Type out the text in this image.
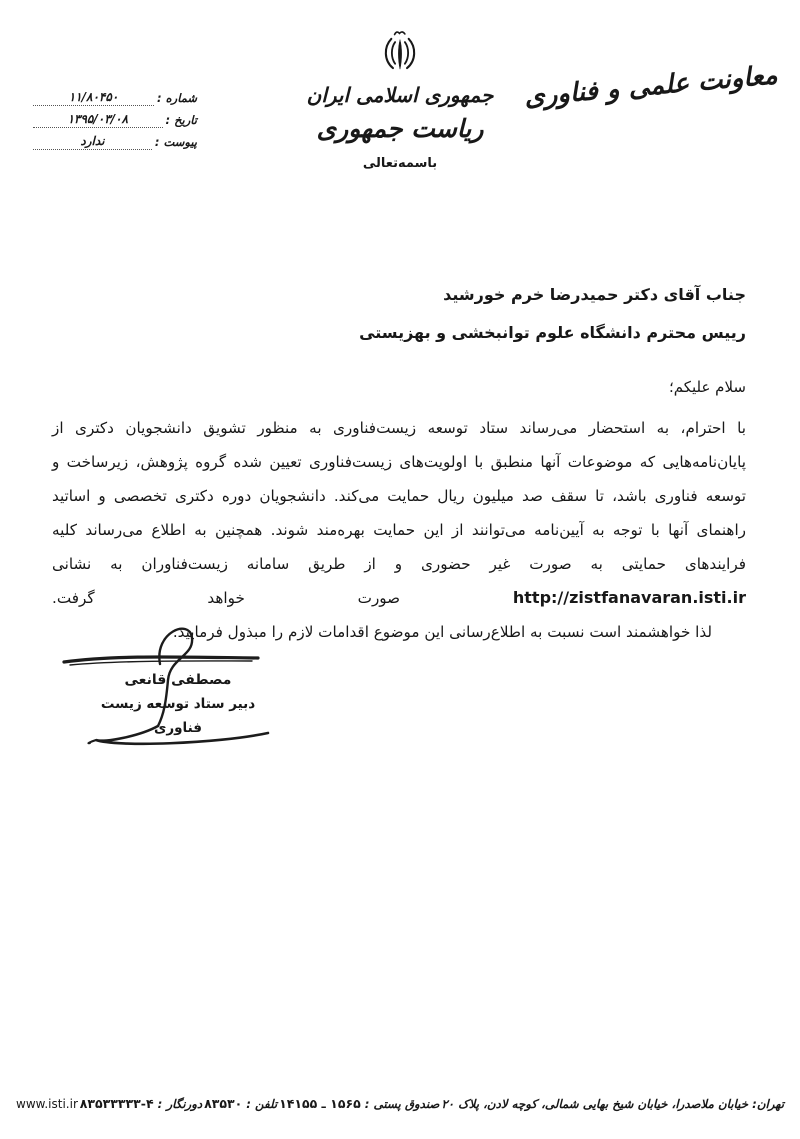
معاونت علمی و فناوری
جمهوری اسلامی ایران
ریاست جمهوری
باسمه‌تعالی
شماره :
۱۱/۸۰۴۵۰
تاریخ :
۱۳۹۵/۰۳/۰۸
پیوست :
ندارد
جناب آقای دکتر حمیدرضا خرم خورشید
رییس محترم دانشگاه علوم توانبخشی و بهزیستی
سلام علیکم؛
با احترام، به استحضار می‌رساند ستاد توسعه زیست‌فناوری به منظور تشویق دانشجویان دکتری از پایان‌نامه‌هایی که موضوعات آنها منطبق با اولویت‌های زیست‌فناوری تعیین شده گروه پژوهش، زیرساخت و توسعه فناوری باشد، تا سقف صد میلیون ریال حمایت می‌کند. دانشجویان دوره دکتری تخصصی و اساتید راهنمای آنها با توجه به آیین‌نامه می‌توانند از این حمایت بهره‌مند شوند. همچنین به اطلاع می‌رساند کلیه فرایندهای حمایتی به صورت غیر حضوری و از طریق سامانه زیست‌فناوران به نشانی http://zistfanavaran.isti.ir صورت خواهد گرفت.
لذا خواهشمند است نسبت به اطلاع‌رسانی این موضوع اقدامات لازم را مبذول فرمایید.
مصطفی قانعی
دبیر ستاد توسعه زیست فناوری
تهران: خیابان ملاصدرا، خیابان شیخ بهایی شمالی، کوچه لادن، پلاک ۲۰
صندوق پستی :
۱۴۱۵۵ ـ ۱۵۶۵
تلفن :
۸۳۵۳۰
دورنگار :
۸۳۵۳۳۳۳۳-۴
www.isti.ir
